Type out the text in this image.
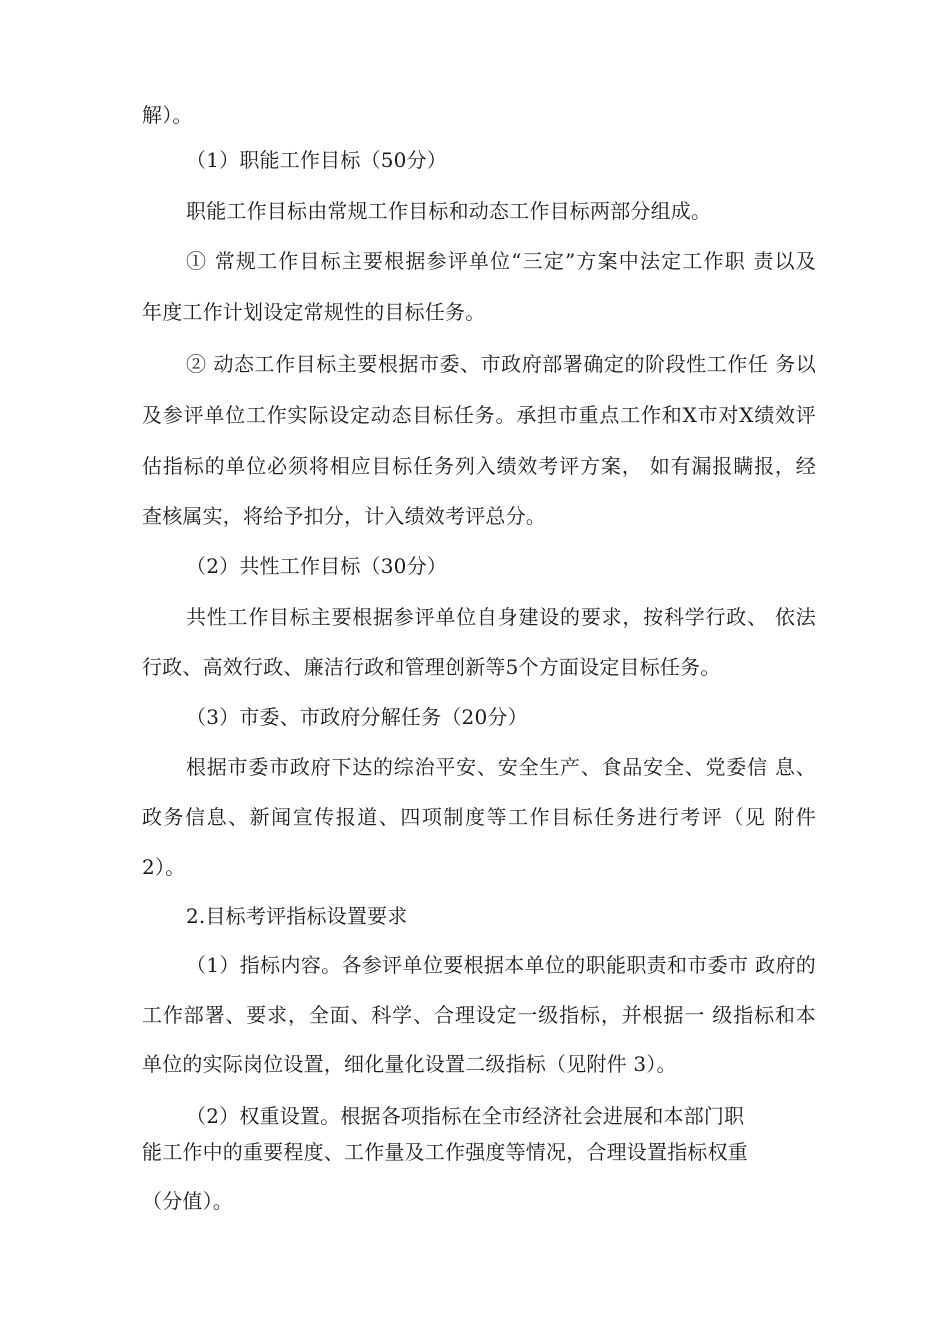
解）。
（1）职能工作目标（50分）
职能工作目标由常规工作目标和动态工作目标两部分组成。
① 常规工作目标主要根据参评单位“三定”方案中法定工作职 责以及
年度工作计划设定常规性的目标任务。
② 动态工作目标主要根据市委、市政府部署确定的阶段性工作任 务以
及参评单位工作实际设定动态目标任务。承担市重点工作和X市对X绩效评
估指标的单位必须将相应目标任务列入绩效考评方案， 如有漏报瞒报，经
查核属实，将给予扣分，计入绩效考评总分。
（2）共性工作目标（30分）
共性工作目标主要根据参评单位自身建设的要求，按科学行政、 依法
行政、高效行政、廉洁行政和管理创新等5个方面设定目标任务。
（3）市委、市政府分解任务（20分）
根据市委市政府下达的综治平安、安全生产、食品安全、党委信 息、
政务信息、新闻宣传报道、四项制度等工作目标任务进行考评（见 附件
2）。
2.目标考评指标设置要求
（1）指标内容。各参评单位要根据本单位的职能职责和市委市 政府的
工作部署、要求，全面、科学、合理设定一级指标，并根据一 级指标和本
单位的实际岗位设置，细化量化设置二级指标（见附件 3）。
（2）权重设置。根据各项指标在全市经济社会进展和本部门职
能工作中的重要程度、工作量及工作强度等情况，合理设置指标权重
（分值）。
